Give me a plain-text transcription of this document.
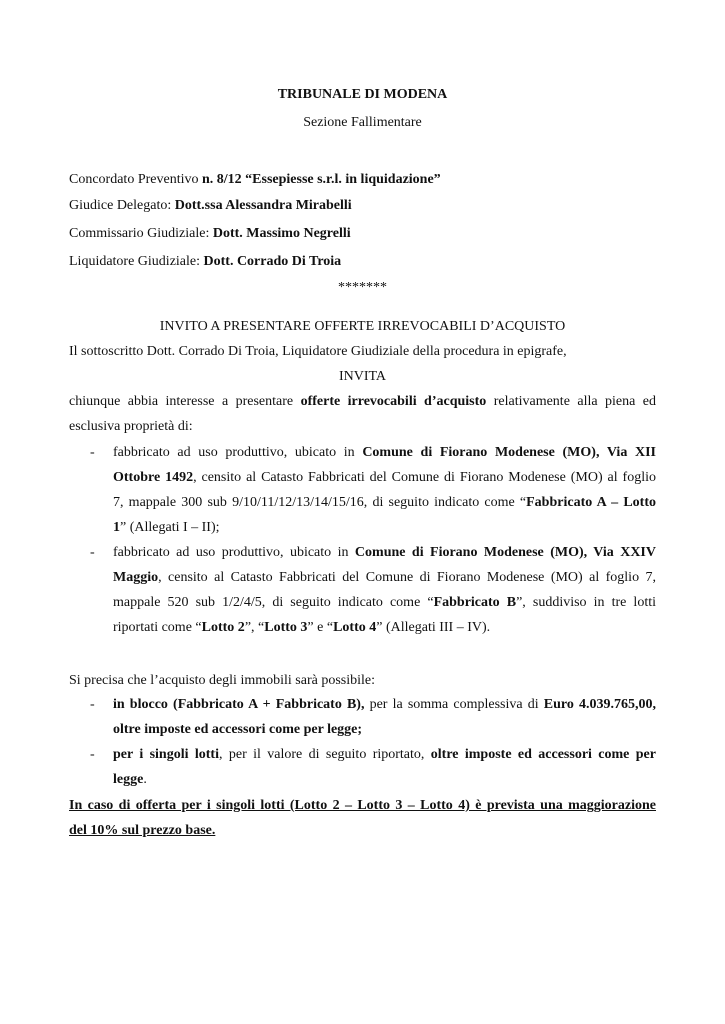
TRIBUNALE DI MODENA
Sezione Fallimentare
Concordato Preventivo n. 8/12 “Essepiesse s.r.l. in liquidazione”
Giudice Delegato: Dott.ssa Alessandra Mirabelli
Commissario Giudiziale: Dott. Massimo Negrelli
Liquidatore Giudiziale: Dott. Corrado Di Troia
*******
INVITO A PRESENTARE OFFERTE IRREVOCABILI D’ACQUISTO
Il sottoscritto Dott. Corrado Di Troia, Liquidatore Giudiziale della procedura in epigrafe,
INVITA
chiunque abbia interesse a presentare offerte irrevocabili d’acquisto relativamente alla piena ed
esclusiva proprietà di:
- fabbricato ad uso produttivo, ubicato in Comune di Fiorano Modenese (MO), Via XII
Ottobre 1492, censito al Catasto Fabbricati del Comune di Fiorano Modenese (MO) al foglio
7, mappale 300 sub 9/10/11/12/13/14/15/16, di seguito indicato come “Fabbricato A – Lotto
1” (Allegati I – II);
- fabbricato ad uso produttivo, ubicato in Comune di Fiorano Modenese (MO), Via XXIV
Maggio, censito al Catasto Fabbricati del Comune di Fiorano Modenese (MO) al foglio 7,
mappale 520 sub 1/2/4/5, di seguito indicato come “Fabbricato B”, suddiviso in tre lotti
riportati come “Lotto 2”, “Lotto 3” e “Lotto 4” (Allegati III – IV).
Si precisa che l’acquisto degli immobili sarà possibile:
- in blocco (Fabbricato A + Fabbricato B), per la somma complessiva di Euro 4.039.765,00,
oltre imposte ed accessori come per legge;
- per i singoli lotti, per il valore di seguito riportato, oltre imposte ed accessori come per
legge.
In caso di offerta per i singoli lotti (Lotto 2 – Lotto 3 – Lotto 4) è prevista una maggiorazione
del 10% sul prezzo base.
